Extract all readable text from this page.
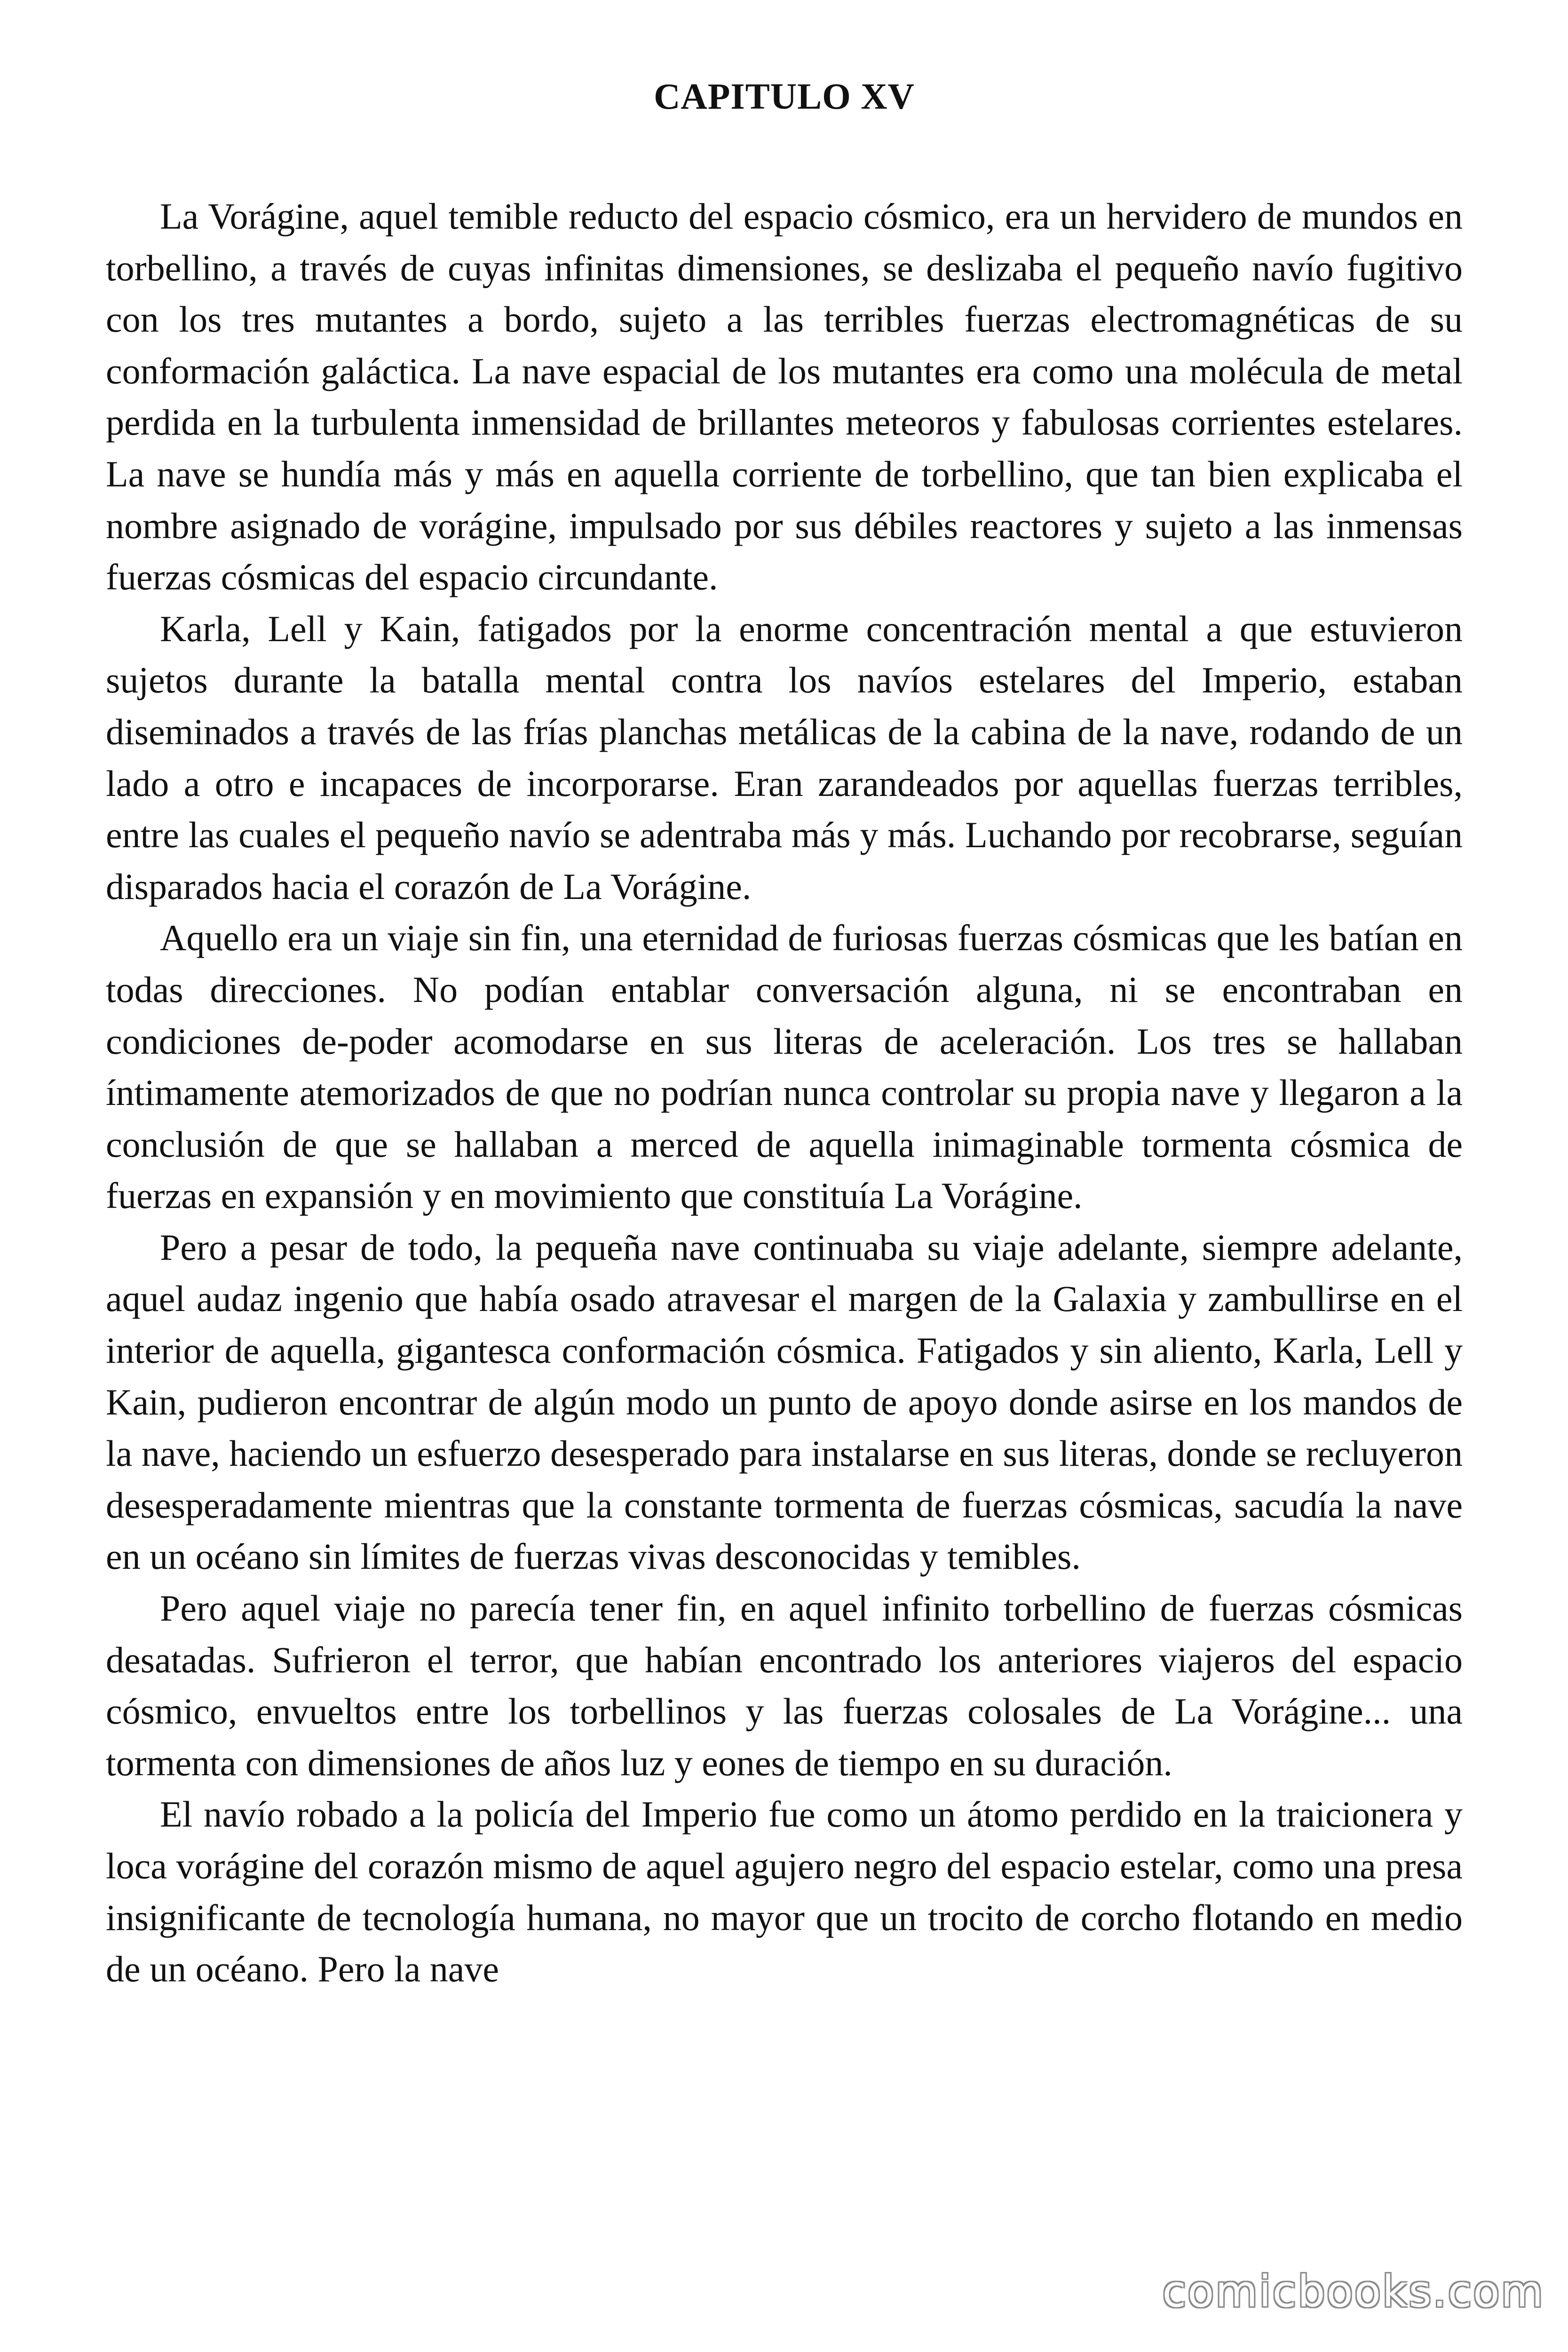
CAPITULO XV

La Vorágine, aquel temible reducto del espacio cósmico, era un hervidero de mundos en torbellino, a través de cuyas infinitas dimensiones, se deslizaba el pequeño navío fugitivo con los tres mutantes a bordo, sujeto a las terribles fuerzas electromagnéticas de su conformación galáctica. La nave espacial de los mutantes era como una molécula de metal perdida en la turbulenta inmensidad de brillantes meteoros y fabulosas corrientes estelares. La nave se hundía más y más en aquella corriente de torbellino, que tan bien explicaba el nombre asignado de vorágine, impulsado por sus débiles reactores y sujeto a las inmensas fuerzas cósmicas del espacio circundante.

Karla, Lell y Kain, fatigados por la enorme concentración mental a que estuvieron sujetos durante la batalla mental contra los navíos estelares del Imperio, estaban diseminados a través de las frías planchas metálicas de la cabina de la nave, rodando de un lado a otro e incapaces de incorporarse. Eran zarandeados por aquellas fuerzas terribles, entre las cuales el pequeño navío se adentraba más y más. Luchando por recobrarse, seguían disparados hacia el corazón de La Vorágine.

Aquello era un viaje sin fin, una eternidad de furiosas fuerzas cósmicas que les batían en todas direcciones. No podían entablar conversación alguna, ni se encontraban en condiciones de-poder acomodarse en sus literas de aceleración. Los tres se hallaban íntimamente atemorizados de que no podrían nunca controlar su propia nave y llegaron a la conclusión de que se hallaban a merced de aquella inimaginable tormenta cósmica de fuerzas en expansión y en movimiento que constituía La Vorágine.

Pero a pesar de todo, la pequeña nave continuaba su viaje adelante, siempre adelante, aquel audaz ingenio que había osado atravesar el margen de la Galaxia y zambullirse en el interior de aquella, gigantesca conformación cósmica. Fatigados y sin aliento, Karla, Lell y Kain, pudieron encontrar de algún modo un punto de apoyo donde asirse en los mandos de la nave, haciendo un esfuerzo desesperado para instalarse en sus literas, donde se recluyeron desesperadamente mientras que la constante tormenta de fuerzas cósmicas, sacudía la nave en un océano sin límites de fuerzas vivas desconocidas y temibles.

Pero aquel viaje no parecía tener fin, en aquel infinito torbellino de fuerzas cósmicas desatadas. Sufrieron el terror, que habían encontrado los anteriores viajeros del espacio cósmico, envueltos entre los torbellinos y las fuerzas colosales de La Vorágine... una tormenta con dimensiones de años luz y eones de tiempo en su duración.

El navío robado a la policía del Imperio fue como un átomo perdido en la traicionera y loca vorágine del corazón mismo de aquel agujero negro del espacio estelar, como una presa insignificante de tecnología humana, no mayor que un trocito de corcho flotando en medio de un océano. Pero la nave

comicbooks.com
